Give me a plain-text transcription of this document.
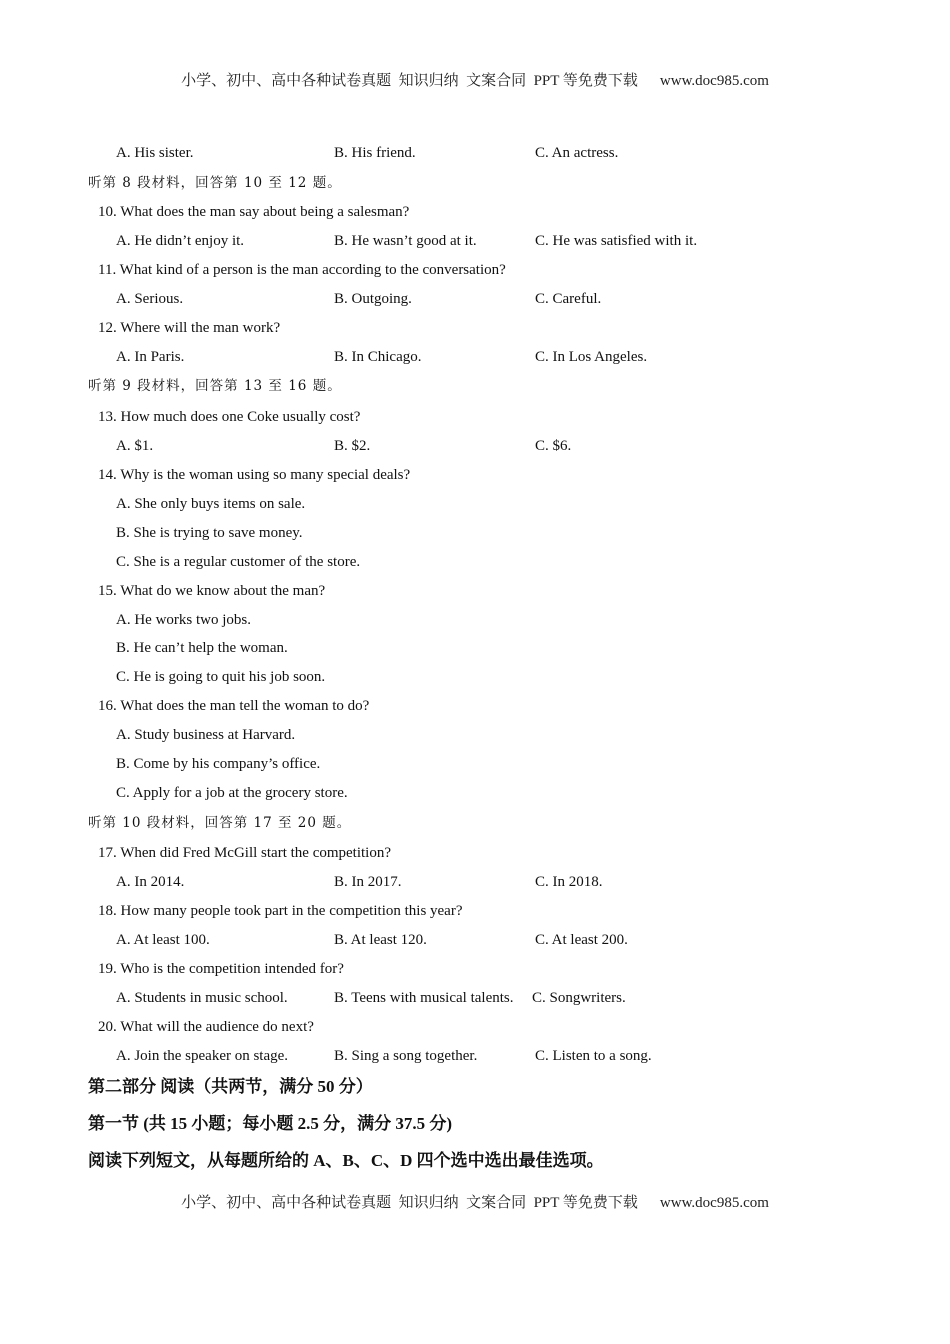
小学、初中、高中各种试卷真题  知识归纳  文案合同  PPT 等免费下载 www.doc985.com
A. His sister.	B. His friend.	C. An actress.
听第 8 段材料，回答第 10 至 12 题。
10. What does the man say about being a salesman?
A. He didn’t enjoy it.	B. He wasn’t good at it.	C. He was satisfied with it.
11. What kind of a person is the man according to the conversation?
A. Serious.	B. Outgoing.	C. Careful.
12. Where will the man work?
A. In Paris.	B. In Chicago.	C. In Los Angeles.
听第 9 段材料，回答第 13 至 16 题。
13. How much does one Coke usually cost?
A. $1.	B. $2.	C. $6.
14. Why is the woman using so many special deals?
A. She only buys items on sale.
B. She is trying to save money.
C. She is a regular customer of the store.
15. What do we know about the man?
A. He works two jobs.
B. He can’t help the woman.
C. He is going to quit his job soon.
16. What does the man tell the woman to do?
A. Study business at Harvard.
B. Come by his company’s office.
C. Apply for a job at the grocery store.
听第 10 段材料，回答第 17 至 20 题。
17. When did Fred McGill start the competition?
A. In 2014.	B. In 2017.	C. In 2018.
18. How many people took part in the competition this year?
A. At least 100.	B. At least 120.	C. At least 200.
19. Who is the competition intended for?
A. Students in music school.	B. Teens with musical talents. C. Songwriters.
20. What will the audience do next?
A. Join the speaker on stage.	B. Sing a song together.	C. Listen to a song.
第二部分 阅读（共两节，满分 50 分）
第一节 (共 15 小题；每小题 2.5 分，满分 37.5 分)
阅读下列短文，从每题所给的 A、B、C、D 四个选中选出最佳选项。
小学、初中、高中各种试卷真题  知识归纳  文案合同  PPT 等免费下载 www.doc985.com
